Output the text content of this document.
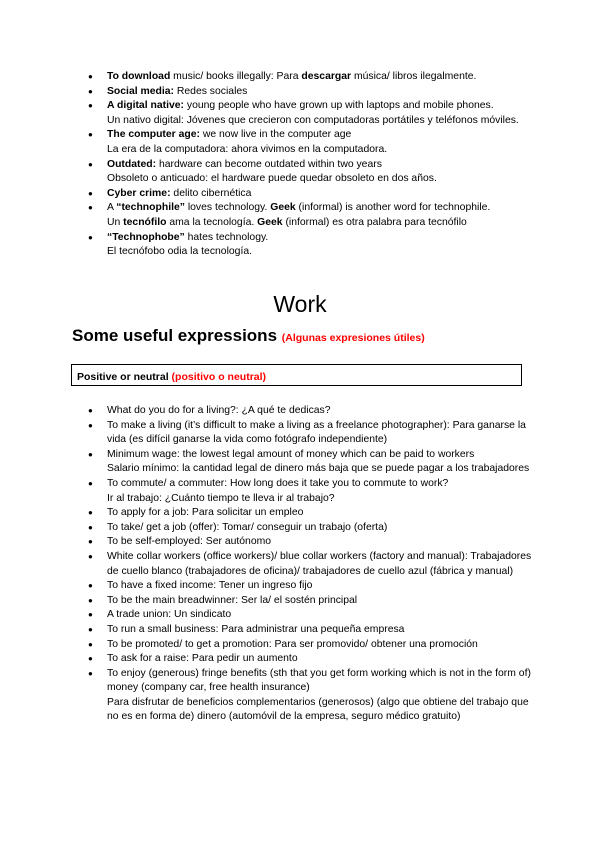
● To download music/ books illegally: Para descargar música/ libros ilegalmente.
● Social media: Redes sociales
● A digital native: young people who have grown up with laptops and mobile phones.
Un nativo digital: Jóvenes que crecieron con computadoras portátiles y teléfonos móviles.
● The computer age: we now live in the computer age
La era de la computadora: ahora vivimos en la computadora.
● Outdated: hardware can become outdated within two years
Obsoleto o anticuado: el hardware puede quedar obsoleto en dos años.
● Cyber crime: delito cibernética
● A “technophile” loves technology. Geek (informal) is another word for technophile.
Un tecnófilo ama la tecnología. Geek (informal) es otra palabra para tecnófilo
● “Technophobe” hates technology.
El tecnófobo odia la tecnología.
Work
Some useful expressions (Algunas expresiones útiles)
Positive or neutral (positivo o neutral)
● What do you do for a living?: ¿A qué te dedicas?
● To make a living (it’s difficult to make a living as a freelance photographer): Para ganarse la vida (es difícil ganarse la vida como fotógrafo independiente)
● Minimum wage: the lowest legal amount of money which can be paid to workers
Salario mínimo: la cantidad legal de dinero más baja que se puede pagar a los trabajadores
● To commute/ a commuter: How long does it take you to commute to work?
Ir al trabajo: ¿Cuánto tiempo te lleva ir al trabajo?
● To apply for a job: Para solicitar un empleo
● To take/ get a job (offer): Tomar/ conseguir un trabajo (oferta)
● To be self-employed: Ser autónomo
● White collar workers (office workers)/ blue collar workers (factory and manual): Trabajadores de cuello blanco (trabajadores de oficina)/ trabajadores de cuello azul (fábrica y manual)
● To have a fixed income: Tener un ingreso fijo
● To be the main breadwinner: Ser la/ el sostén principal
● A trade union: Un sindicato
● To run a small business: Para administrar una pequeña empresa
● To be promoted/ to get a promotion: Para ser promovido/ obtener una promoción
● To ask for a raise: Para pedir un aumento
● To enjoy (generous) fringe benefits (sth that you get form working which is not in the form of) money (company car, free health insurance)
Para disfrutar de beneficios complementarios (generosos) (algo que obtiene del trabajo que no es en forma de) dinero (automóvil de la empresa, seguro médico gratuito)
